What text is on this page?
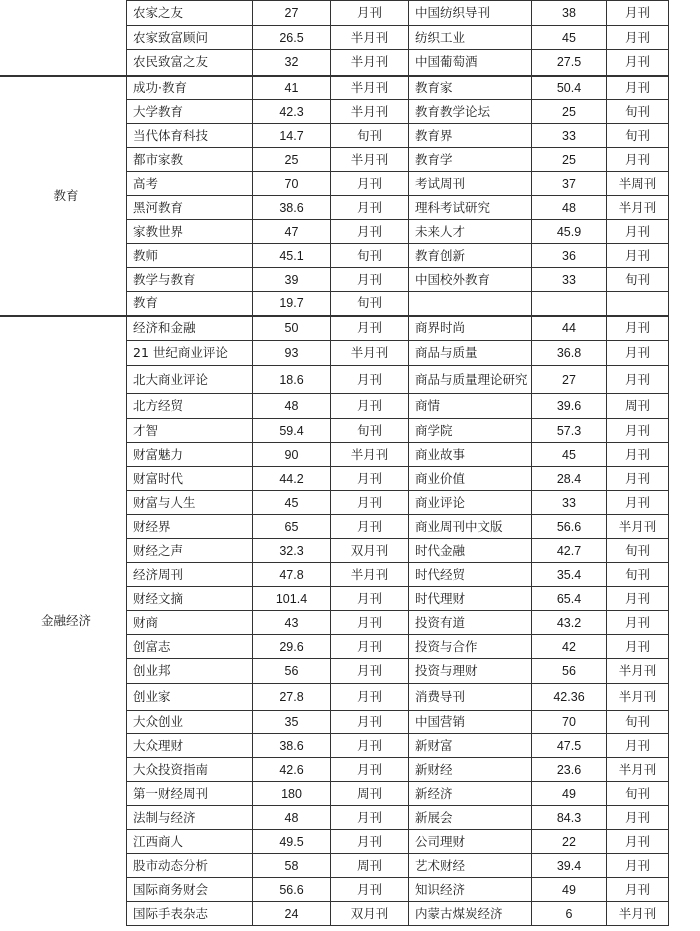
	农家之友	27	月刊	中国纺织导刊	38	月刊
	农家致富顾问	26.5	半月刊	纺织工业	45	月刊
	农民致富之友	32	半月刊	中国葡萄酒	27.5	月刊

教育	成功·教育	41	半月刊	教育家	50.4	月刊
	大学教育	42.3	半月刊	教育教学论坛	25	旬刊
	当代体育科技	14.7	旬刊	教育界	33	旬刊
	都市家教	25	半月刊	教育学	25	月刊
	高考	70	月刊	考试周刊	37	半周刊
	黑河教育	38.6	月刊	理科考试研究	48	半月刊
	家教世界	47	月刊	未来人才	45.9	月刊
	教师	45.1	旬刊	教育创新	36	月刊
	教学与教育	39	月刊	中国校外教育	33	旬刊
	教育	19.7	旬刊			

金融经济	经济和金融	50	月刊	商界时尚	44	月刊
	21 世纪商业评论	93	半月刊	商品与质量	36.8	月刊
	北大商业评论	18.6	月刊	商品与质量理论研究	27	月刊
	北方经贸	48	月刊	商情	39.6	周刊
	才智	59.4	旬刊	商学院	57.3	月刊
	财富魅力	90	半月刊	商业故事	45	月刊
	财富时代	44.2	月刊	商业价值	28.4	月刊
	财富与人生	45	月刊	商业评论	33	月刊
	财经界	65	月刊	商业周刊中文版	56.6	半月刊
	财经之声	32.3	双月刊	时代金融	42.7	旬刊
	经济周刊	47.8	半月刊	时代经贸	35.4	旬刊
	财经文摘	101.4	月刊	时代理财	65.4	月刊
	财商	43	月刊	投资有道	43.2	月刊
	创富志	29.6	月刊	投资与合作	42	月刊
	创业邦	56	月刊	投资与理财	56	半月刊
	创业家	27.8	月刊	消费导刊	42.36	半月刊
	大众创业	35	月刊	中国营销	70	旬刊
	大众理财	38.6	月刊	新财富	47.5	月刊
	大众投资指南	42.6	月刊	新财经	23.6	半月刊
	第一财经周刊	180	周刊	新经济	49	旬刊
	法制与经济	48	月刊	新展会	84.3	月刊
	江西商人	49.5	月刊	公司理财	22	月刊
	股市动态分析	58	周刊	艺术财经	39.4	月刊
	国际商务财会	56.6	月刊	知识经济	49	月刊
	国际手表杂志	24	双月刊	内蒙古煤炭经济	6	半月刊
